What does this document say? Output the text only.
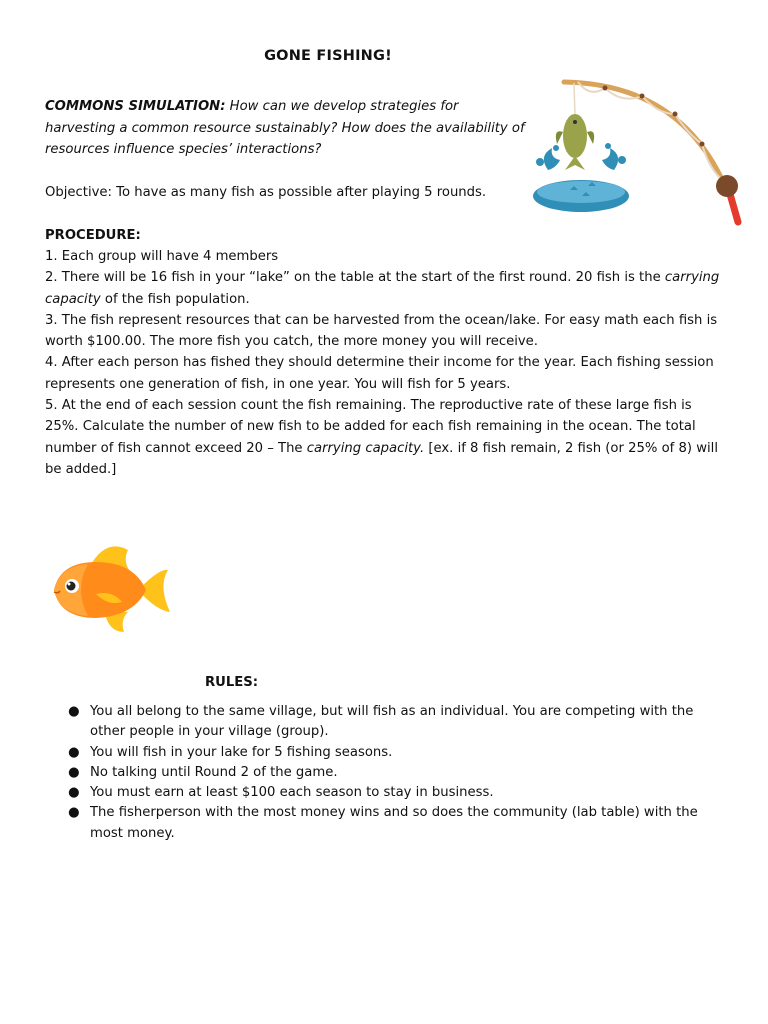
GONE FISHING!
COMMONS SIMULATION: How can we develop strategies for harvesting a common resource sustainably? How does the availability of resources influence species’ interactions?
Objective: To have as many fish as possible after playing 5 rounds.
PROCEDURE:
1. Each group will have 4 members
2. There will be 16 fish in your “lake” on the table at the start of the first round. 20 fish is the carrying capacity of the fish population.
3. The fish represent resources that can be harvested from the ocean/lake. For easy math each fish is worth $100.00. The more fish you catch, the more money you will receive.
4. After each person has fished they should determine their income for the year. Each fishing session represents one generation of fish, in one year. You will fish for 5 years.
5. At the end of each session count the fish remaining. The reproductive rate of these large fish is 25%. Calculate the number of new fish to be added for each fish remaining in the ocean. The total number of fish cannot exceed 20 – The carrying capacity. [ex. if 8 fish remain, 2 fish (or 25% of 8) will be added.]
RULES:
● You all belong to the same village, but will fish as an individual. You are competing with the other people in your village (group).
● You will fish in your lake for 5 fishing seasons.
● No talking until Round 2 of the game.
● You must earn at least $100 each season to stay in business.
● The fisherperson with the most money wins and so does the community (lab table) with the most money.
